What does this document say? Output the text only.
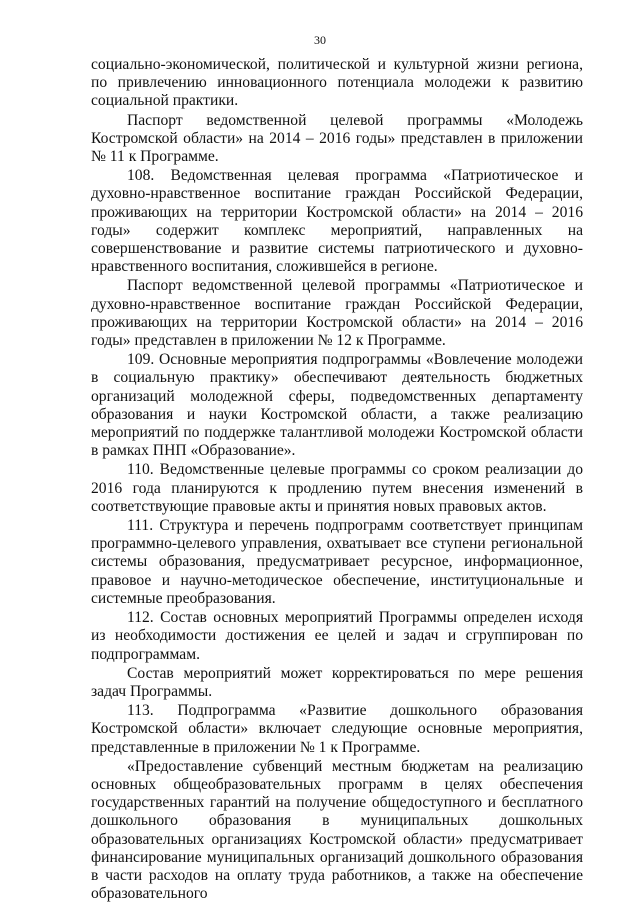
30

социально-экономической, политической и культурной жизни региона, по привлечению инновационного потенциала молодежи к развитию социальной практики.

Паспорт ведомственной целевой программы «Молодежь Костромской области» на 2014 – 2016 годы» представлен в приложении № 11 к Программе.

108. Ведомственная целевая программа «Патриотическое и духовно-нравственное воспитание граждан Российской Федерации, проживающих на территории Костромской области» на 2014 – 2016 годы» содержит комплекс мероприятий, направленных на совершенствование и развитие системы патриотического и духовно-нравственного воспитания, сложившейся в регионе.

Паспорт ведомственной целевой программы «Патриотическое и духовно-нравственное воспитание граждан Российской Федерации, проживающих на территории Костромской области» на 2014 – 2016 годы» представлен в приложении № 12 к Программе.

109. Основные мероприятия подпрограммы «Вовлечение молодежи в социальную практику» обеспечивают деятельность бюджетных организаций молодежной сферы, подведомственных департаменту образования и науки Костромской области, а также реализацию мероприятий по поддержке талантливой молодежи Костромской области в рамках ПНП «Образование».

110. Ведомственные целевые программы со сроком реализации до 2016 года планируются к продлению путем внесения изменений в соответствующие правовые акты и принятия новых правовых актов.

111. Структура и перечень подпрограмм соответствует принципам программно-целевого управления, охватывает все ступени региональной системы образования, предусматривает ресурсное, информационное, правовое и научно-методическое обеспечение, институциональные и системные преобразования.

112. Состав основных мероприятий Программы определен исходя из необходимости достижения ее целей и задач и сгруппирован по подпрограммам.

Состав мероприятий может корректироваться по мере решения задач Программы.

113. Подпрограмма «Развитие дошкольного образования Костромской области» включает следующие основные мероприятия, представленные в приложении № 1 к Программе.

«Предоставление субвенций местным бюджетам на реализацию основных общеобразовательных программ в целях обеспечения государственных гарантий на получение общедоступного и бесплатного дошкольного образования в муниципальных дошкольных образовательных организациях Костромской области» предусматривает финансирование муниципальных организаций дошкольного образования в части расходов на оплату труда работников, а также на обеспечение образовательного
